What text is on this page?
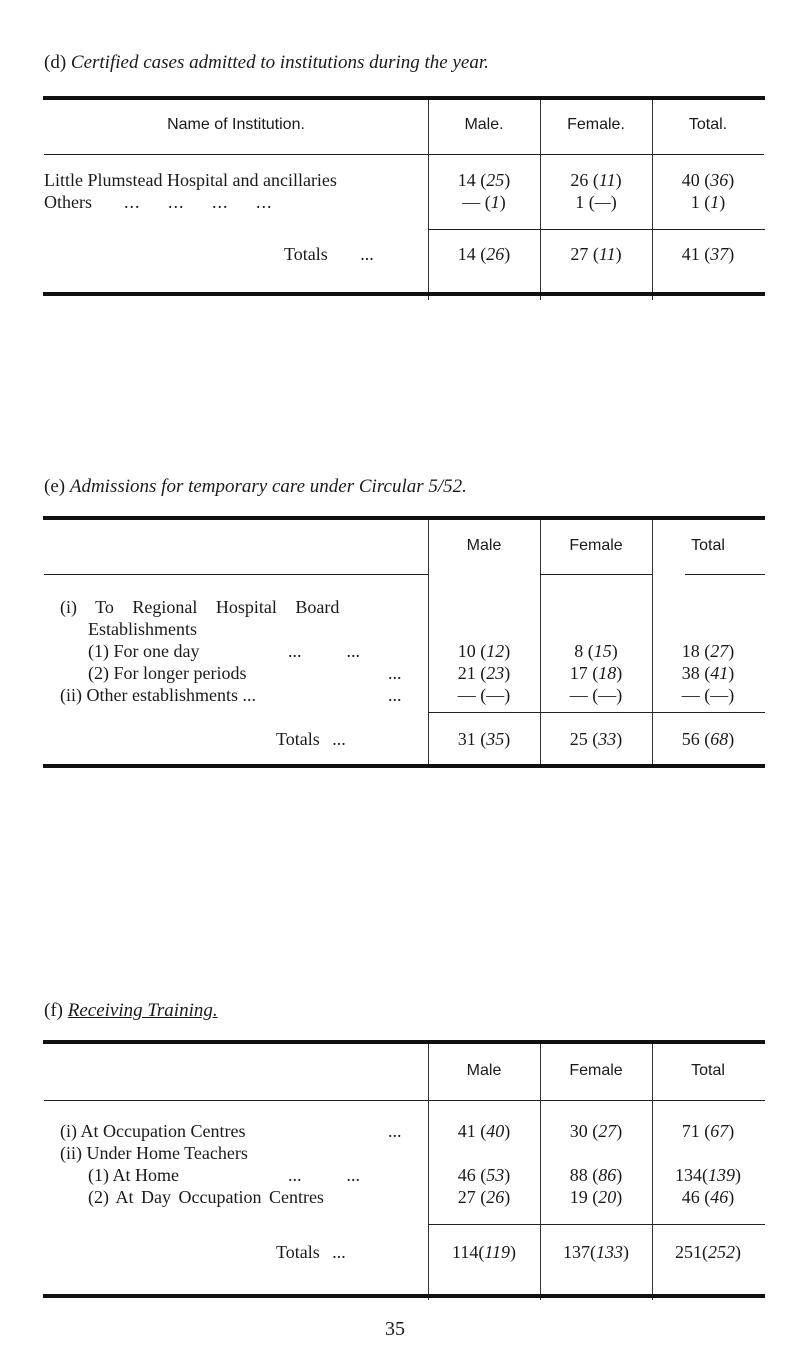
(d) Certified cases admitted to institutions during the year.
Name of Institution.	Male.	Female.	Total.
Little Plumstead Hospital and ancillaries	14 (25)	26 (11)	40 (36)
Others ...     ...     ...     ...	— (1)	1 (—)	1 (1)
Totals ...	14 (26)	27 (11)	41 (37)
(e) Admissions for temporary care under Circular 5/52.
Male	Female	Total
(i) To Regional Hospital Board
Establishments
(1) For one day	...          ...	10 (12)	8 (15)	18 (27)
(2) For longer periods	...	21 (23)	17 (18)	38 (41)
(ii) Other establishments ...	...	— (—)	— (—)	— (—)
Totals ...	31 (35)	25 (33)	56 (68)
(f) Receiving Training.
Male	Female	Total
(i) At Occupation Centres	...	41 (40)	30 (27)	71 (67)
(ii) Under Home Teachers
(1) At Home	...          ...	46 (53)	88 (86)	134(139)
(2) At Day Occupation Centres	27 (26)	19 (20)	46 (46)
Totals ...	114(119)	137(133)	251(252)
35
